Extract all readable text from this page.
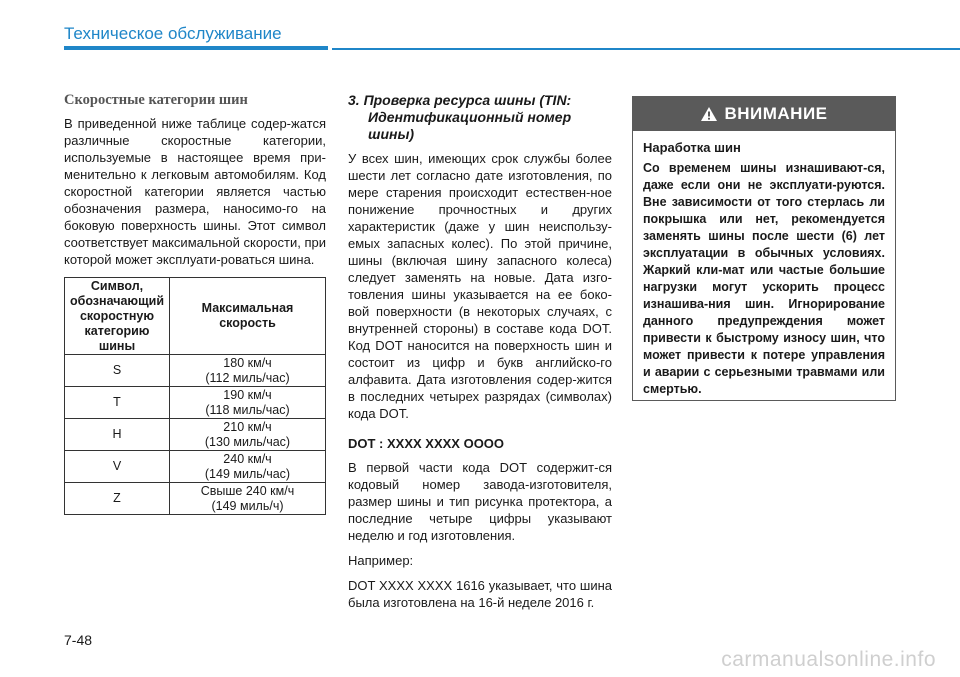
Техническое обслуживание
Скоростные категории шин

В приведенной ниже таблице содер-жатся различные скоростные категории, используемые в настоящее время при-менительно к легковым автомобилям. Код скоростной категории является частью обозначения размера, наносимо-го на боковую поверхность шины. Этот символ соответствует максимальной скорости, при которой может эксплуати-роваться шина.

Символ, обозначающий скоростную категорию шины	Максимальная скорость
S	180 км/ч
(112 миль/час)
T	190 км/ч
(118 миль/час)
H	210 км/ч
(130 миль/час)
V	240 км/ч
(149 миль/час)
Z	Свыше 240 км/ч
(149 миль/ч)
3. Проверка ресурса шины (TIN: Идентификационный номер шины)

У всех шин, имеющих срок службы более шести лет согласно дате изготовления, по мере старения происходит естествен-ное понижение прочностных и других характеристик (даже у шин неиспользу-емых запасных колес). По этой причине, шины (включая шину запасного колеса) следует заменять на новые. Дата изго-товления шины указывается на ее боко-вой поверхности (в некоторых случаях, с внутренней стороны) в составе кода DOT. Код DOT наносится на поверхность шин и состоит из цифр и букв английско-го алфавита. Дата изготовления содер-жится в последних четырех разрядах (символах) кода DOT.

DOT : XXXX XXXX OOOO

В первой части кода DOT содержит-ся кодовый номер завода-изготовителя, размер шины и тип рисунка протектора, а последние четыре цифры указывают неделю и год изготовления.

Например:

DOT XXXX XXXX 1616 указывает, что шина была изготовлена на 16-й неделе 2016 г.

ВНИМАНИЕ

Наработка шин

Со временем шины изнашивают-ся, даже если они не эксплуати-руются. Вне зависимости от того стерлась ли покрышка или нет, рекомендуется заменять шины после шести (6) лет эксплуатации в обычных условиях. Жаркий кли-мат или частые большие нагрузки могут ускорить процесс изнашива-ния шин. Игнорирование данного предупреждения может привести к быстрому износу шин, что может привести к потере управления и аварии с серьезными травмами или смертью.

7-48
carmanualsonline.info
